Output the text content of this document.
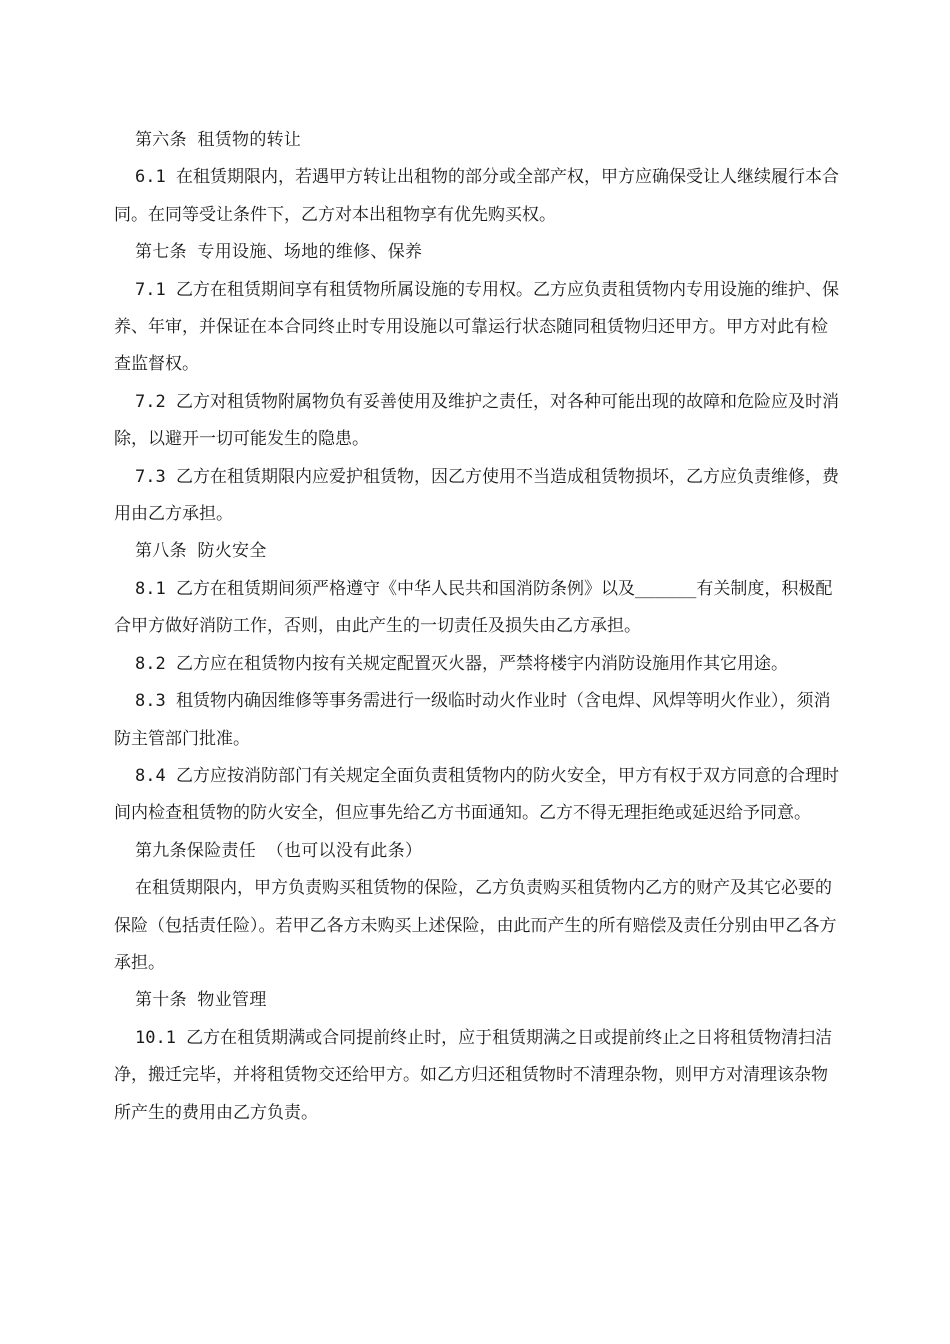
第六条 租赁物的转让

6.1 在租赁期限内，若遇甲方转让出租物的部分或全部产权，甲方应确保受让人继续履行本合同。在同等受让条件下，乙方对本出租物享有优先购买权。

第七条 专用设施、场地的维修、保养

7.1 乙方在租赁期间享有租赁物所属设施的专用权。乙方应负责租赁物内专用设施的维护、保养、年审，并保证在本合同终止时专用设施以可靠运行状态随同租赁物归还甲方。甲方对此有检查监督权。

7.2 乙方对租赁物附属物负有妥善使用及维护之责任，对各种可能出现的故障和危险应及时消除，以避开一切可能发生的隐患。

7.3 乙方在租赁期限内应爱护租赁物，因乙方使用不当造成租赁物损坏，乙方应负责维修，费用由乙方承担。

第八条 防火安全

8.1 乙方在租赁期间须严格遵守《中华人民共和国消防条例》以及______有关制度，积极配合甲方做好消防工作，否则，由此产生的一切责任及损失由乙方承担。

8.2 乙方应在租赁物内按有关规定配置灭火器，严禁将楼宇内消防设施用作其它用途。

8.3 租赁物内确因维修等事务需进行一级临时动火作业时（含电焊、风焊等明火作业），须消防主管部门批准。

8.4 乙方应按消防部门有关规定全面负责租赁物内的防火安全，甲方有权于双方同意的合理时间内检查租赁物的防火安全，但应事先给乙方书面通知。乙方不得无理拒绝或延迟给予同意。

第九条保险责任 （也可以没有此条）

在租赁期限内，甲方负责购买租赁物的保险，乙方负责购买租赁物内乙方的财产及其它必要的保险（包括责任险）。若甲乙各方未购买上述保险，由此而产生的所有赔偿及责任分别由甲乙各方承担。

第十条 物业管理

10.1 乙方在租赁期满或合同提前终止时，应于租赁期满之日或提前终止之日将租赁物清扫洁净，搬迁完毕，并将租赁物交还给甲方。如乙方归还租赁物时不清理杂物，则甲方对清理该杂物所产生的费用由乙方负责。
